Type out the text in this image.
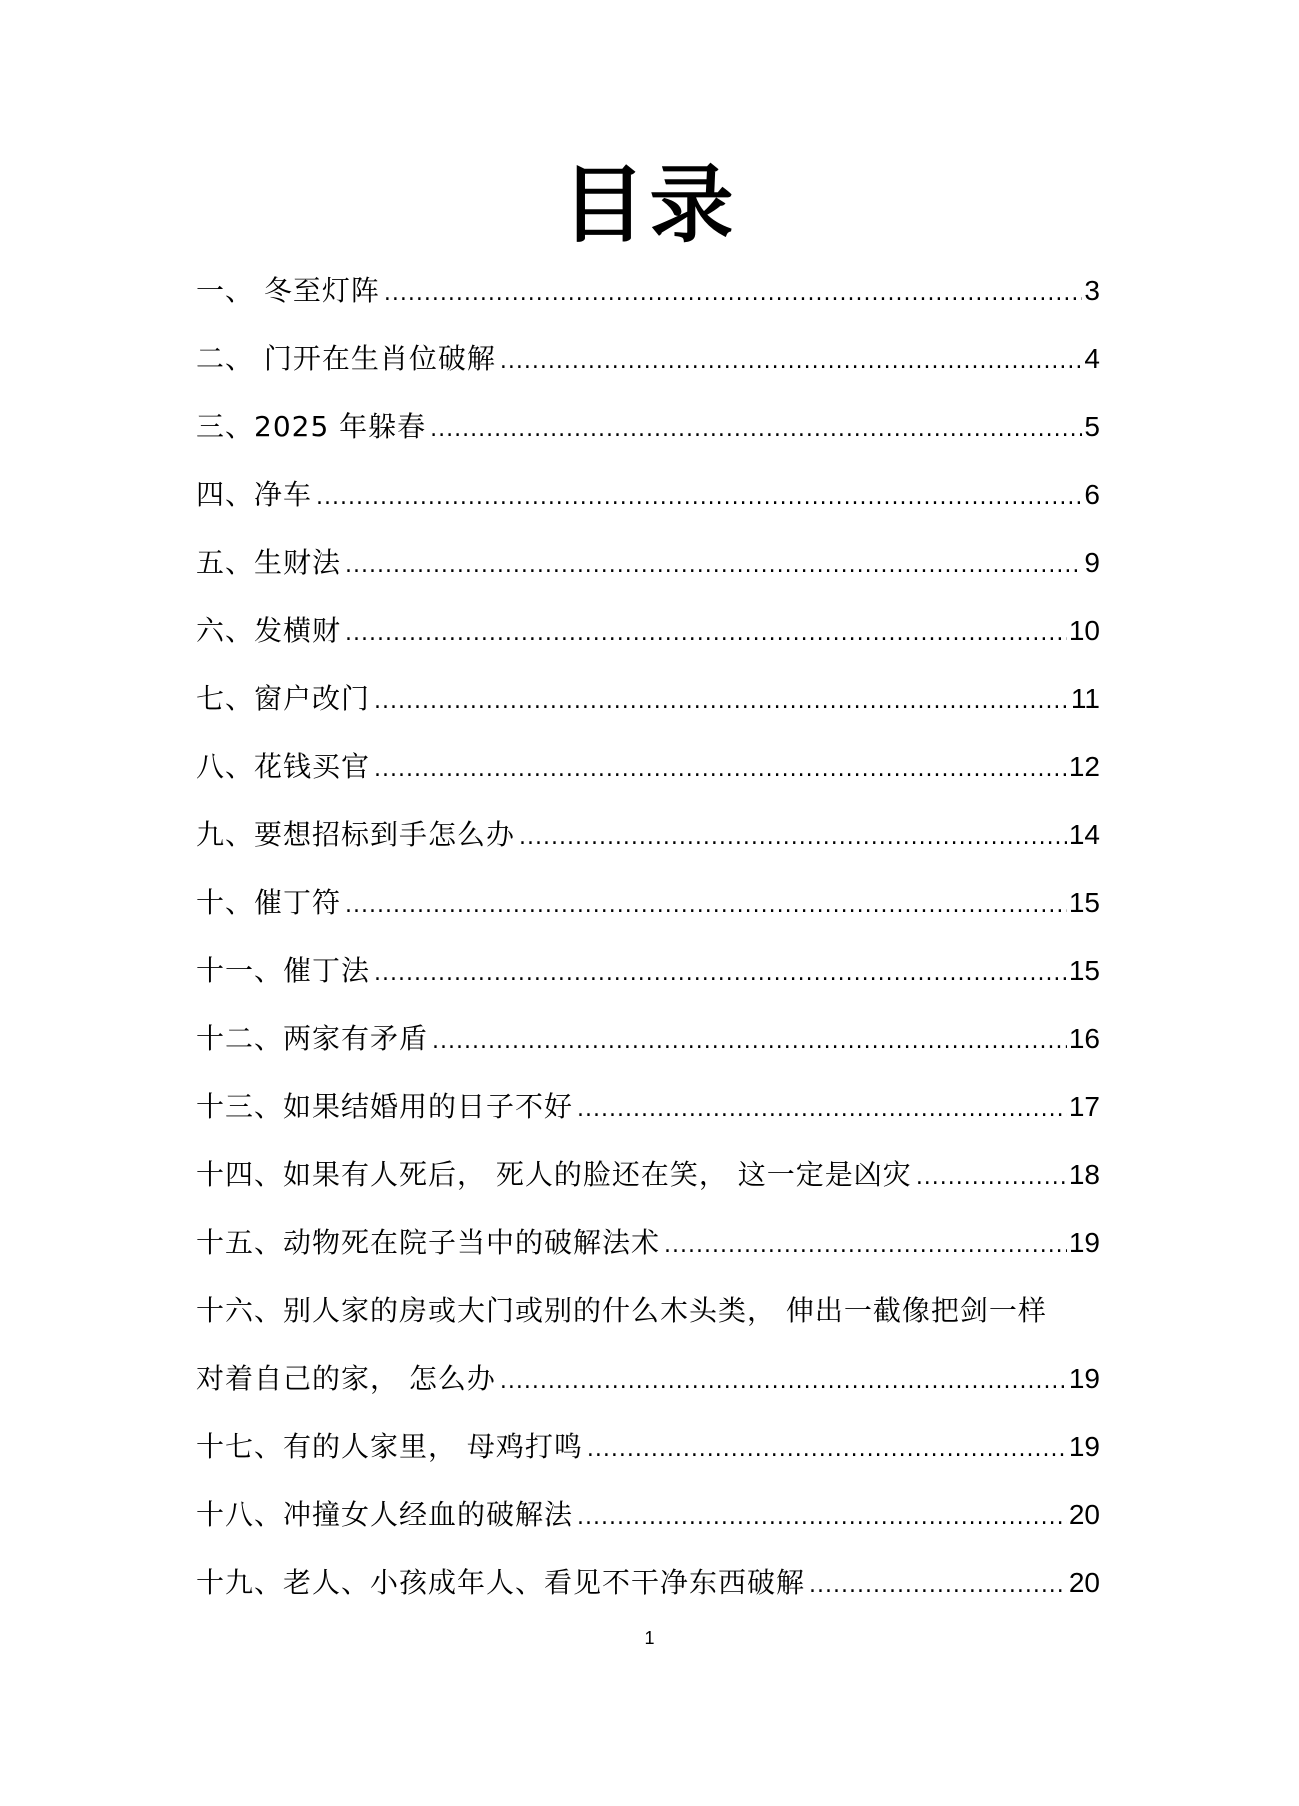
目录
一、 冬至灯阵 .....	3
二、 门开在生肖位破解 .....	4
三、2025 年躲春 .....	5
四、净车 .....	6
五、生财法 .....	9
六、发横财 .....	10
七、窗户改门 .....	11
八、花钱买官 .....	12
九、要想招标到手怎么办 .....	14
十、催丁符 .....	15
十一、催丁法 .....	15
十二、两家有矛盾 .....	16
十三、如果结婚用的日子不好 .....	17
十四、如果有人死后， 死人的脸还在笑， 这一定是凶灾 .....	18
十五、动物死在院子当中的破解法术 .....	19
十六、别人家的房或大门或别的什么木头类， 伸出一截像把剑一样
对着自己的家， 怎么办 .....	19
十七、有的人家里， 母鸡打鸣 .....	19
十八、冲撞女人经血的破解法 .....	20
十九、老人、小孩成年人、看见不干净东西破解 .....	20
1
